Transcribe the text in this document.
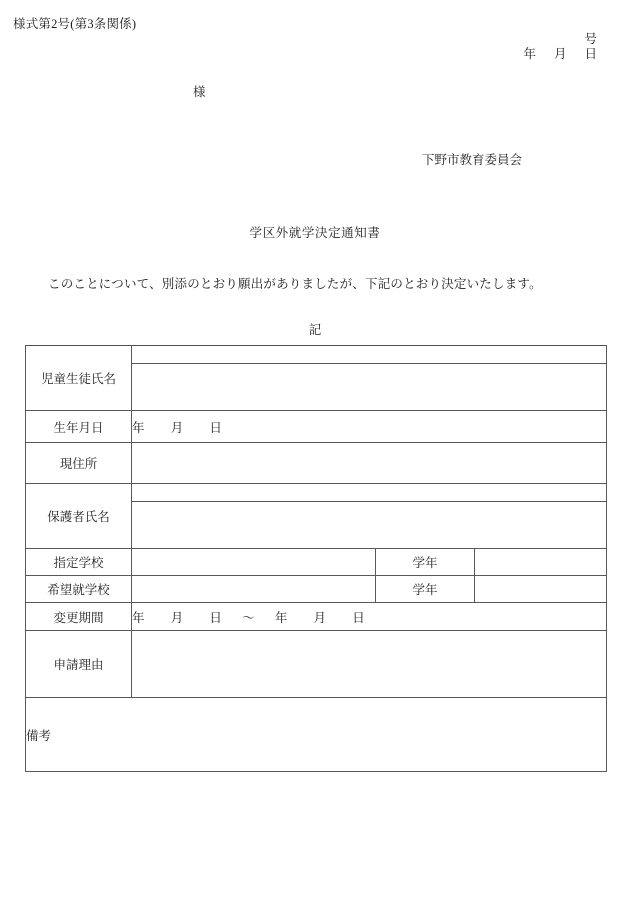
様式第2号(第3条関係)
号
年 月 日
様
下野市教育委員会
学区外就学決定通知書
このことについて、別添のとおり願出がありましたが、下記のとおり決定いたします。
記
児童生徒氏名			

生年月日	年 月 日		
現住所			
保護者氏名			

指定学校		学年	
希望就学校		学年	
変更期間	年 月 日 ～ 年 月 日		
申請理由			
備考			
